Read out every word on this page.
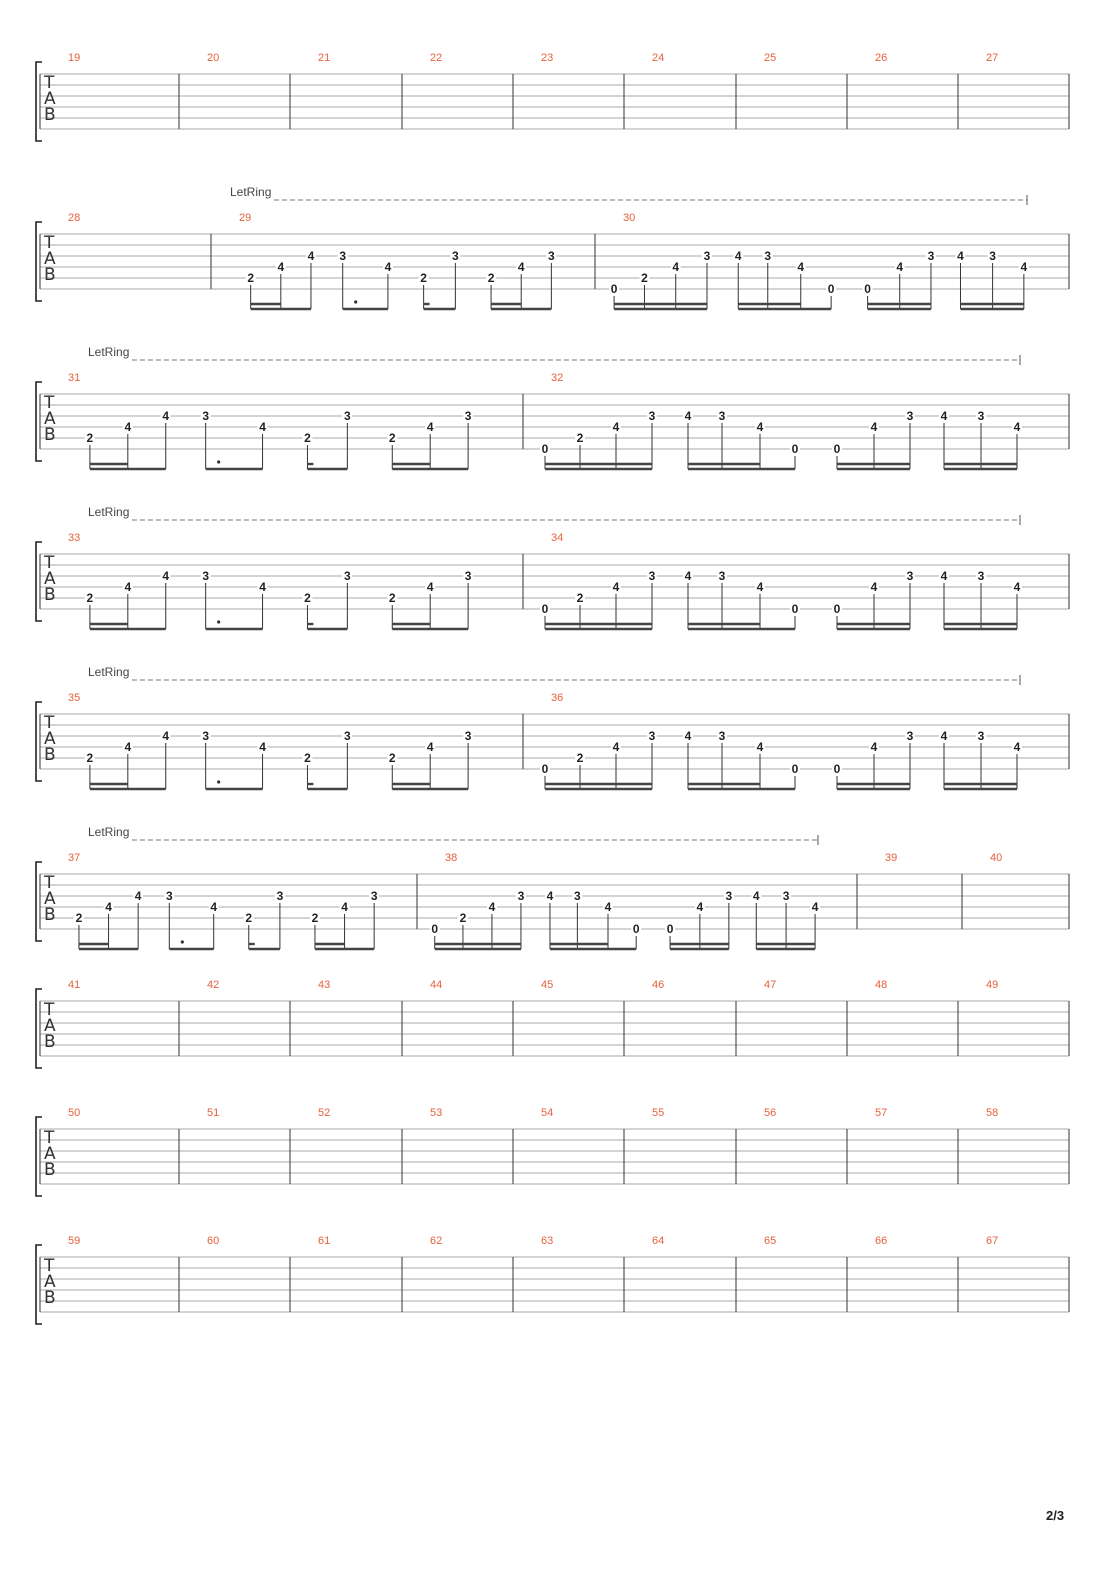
T
A
B
19	20	21	22	23	24	25	26	27
T
A
B
LetRing
28	29
2
4
4 3
4
2
3
2
4
3
30
0
2
4
3 4 3
4
0 0
4
3 4 3
4
T
A
B
LetRing
31
2
4
4	3
4
2
3
2
4
3
32
0
2
4
3 4 3
4
0	0
4
3 4	3
4
T
A
B
LetRing
33
2
4
4	3
4
2
3
2
4
3
34
0
2
4
3 4 3
4
0	0
4
3 4	3
4
T
A
B
LetRing
35
2
4
4	3
4
2
3
2
4
3
36
0
2
4
3 4 3
4
0	0
4
3 4	3
4
T
A
B
LetRing
37
2
4
4 3
4
2
3
2
4
3
38
0
2
4
3 4 3
4
0 0
4
3 4 3
4
39	40
T
A
B
41	42	43	44	45	46	47	48	49
T
A
B
50	51	52	53	54	55	56	57	58
T
A
B
59	60	61	62	63	64	65	66	67
2/3
